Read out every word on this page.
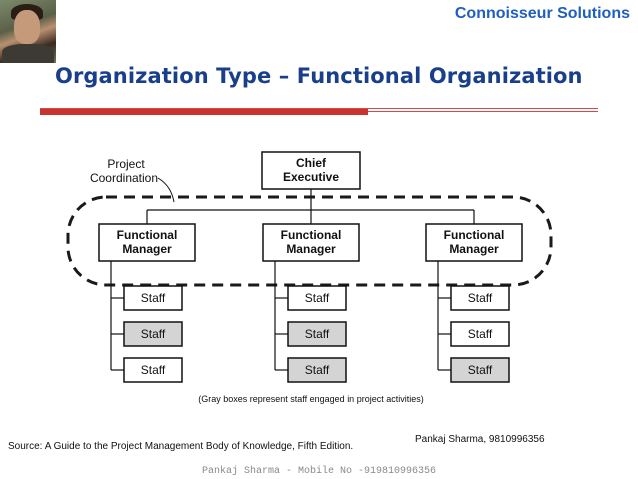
Connoisseur Solutions
Organization Type – Functional Organization
Chief
Executive
Project
Coordination
Functional
Manager
Staff
Staff
Staff
Functional
Manager
Staff
Staff
Staff
Functional
Manager
Staff
Staff
Staff
(Gray boxes represent staff engaged in project activities)
Source: A Guide to the Project Management Body of Knowledge, Fifth Edition.
Pankaj Sharma, 9810996356
Pankaj Sharma - Mobile No -919810996356
